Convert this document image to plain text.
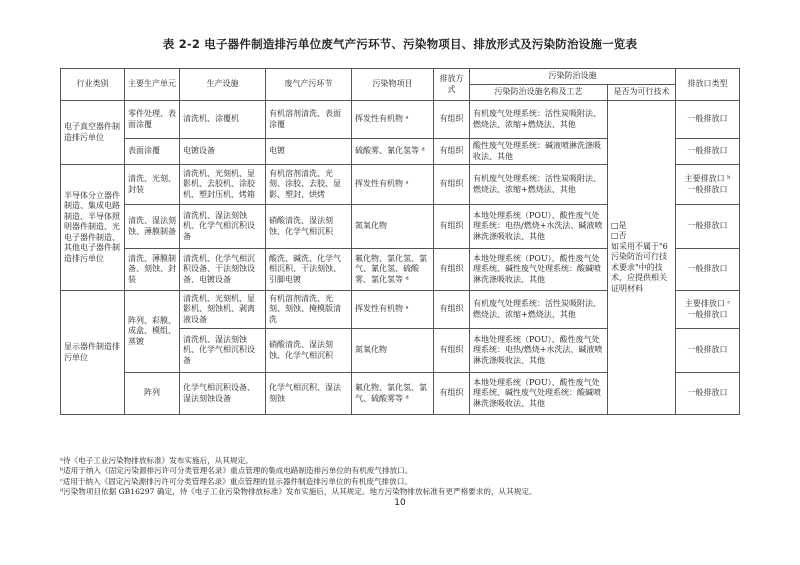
表 2-2 电子器件制造排污单位废气产污环节、污染物项目、排放形式及污染防治设施一览表
行业类别	主要生产单元	生产设施	废气产污环节	污染物项目	排放方式	污染防治设施		排放口类型
						污染防治设施名称及工艺	是否为可行技术	
电子真空器件制造排污单位	零件处理、表面涂覆	清洗机、涂覆机	有机溶剂清洗、表面涂覆	挥发性有机物 ᵃ	有组织	有机废气处理系统：活性炭吸附法、燃烧法、浓缩+燃烧法、其他	□是
□否
如采用不属于"6 污染防治可行技术要求"中的技术，应提供相关证明材料	一般排放口
	表面涂覆	电镀设备	电镀	硫酸雾、氰化氢等 ᵈ	有组织	酸性废气处理系统：碱液喷淋洗涤吸收法、其他		一般排放口
半导体分立器件制造、集成电路制造、半导体照明器件制造、光电子器件制造、其他电子器件制造排污单位	清洗、光刻、封装	清洗机、光刻机、显影机、去胶机、涂胶机、塑封压机、烤箱	有机溶剂清洗、光刻、涂胶、去胶、显影、塑封、烘烤	挥发性有机物 ᵃ	有组织	有机废气处理系统：活性炭吸附法、燃烧法、浓缩+燃烧法、其他		主要排放口 ᵇ
一般排放口
	清洗、湿法刻蚀、薄膜制备	清洗机、湿法刻蚀机、化学气相沉积设备	硝酸清洗、湿法刻蚀、化学气相沉积	氮氧化物	有组织	本地处理系统（POU）、酸性废气处理系统：电热/燃烧+水洗法、碱液喷淋洗涤吸收法、其他		一般排放口
	清洗、薄膜制备、刻蚀、封装	清洗机、化学气相沉积设备、干法刻蚀设备、电镀设备	酸洗、碱洗、化学气相沉积、干法刻蚀、引脚电镀	氟化物、氯化氢、氯气、氰化氢、硫酸雾、氯化氢等 ᵈ	有组织	本地处理系统（POU）、酸性废气处理系统、碱性废气处理系统：酸碱喷淋洗涤吸收法、其他		一般排放口
显示器件制造排污单位	阵列、彩膜、成盒、模组、蒸镀	清洗机、光刻机、显影机、刻蚀机、剥离液设备	有机溶剂清洗、光刻、刻蚀、掩模版清洗	挥发性有机物 ᵃ	有组织	有机废气处理系统：活性炭吸附法、燃烧法、浓缩+燃烧法、其他		主要排放口 ᶜ
一般排放口
		清洗机、湿法刻蚀机、化学气相沉积设备	硝酸清洗、湿法刻蚀、化学气相沉积	氮氧化物	有组织	本地处理系统（POU）、酸性废气处理系统：电热/燃烧+水洗法、碱液喷淋洗涤吸收法、其他		一般排放口
	阵列	化学气相沉积设备、湿法刻蚀设备	化学气相沉积、湿法刻蚀	氟化物、氯化氢、氯气、硫酸雾等 ᵈ	有组织	本地处理系统（POU）、酸性废气处理系统、碱性废气处理系统：酸碱喷淋洗涤吸收法、其他		一般排放口
ᵃ待《电子工业污染物排放标准》发布实施后，从其规定。
ᵇ适用于纳入《固定污染源排污许可分类管理名录》重点管理的集成电路制造排污单位的有机废气排放口。
ᶜ适用于纳入《固定污染源排污许可分类管理名录》重点管理的显示器件制造排污单位的有机废气排放口。
ᵈ污染物项目依据 GB16297 确定，待《电子工业污染物排放标准》发布实施后，从其规定。地方污染物排放标准有更严格要求的，从其规定。
10
